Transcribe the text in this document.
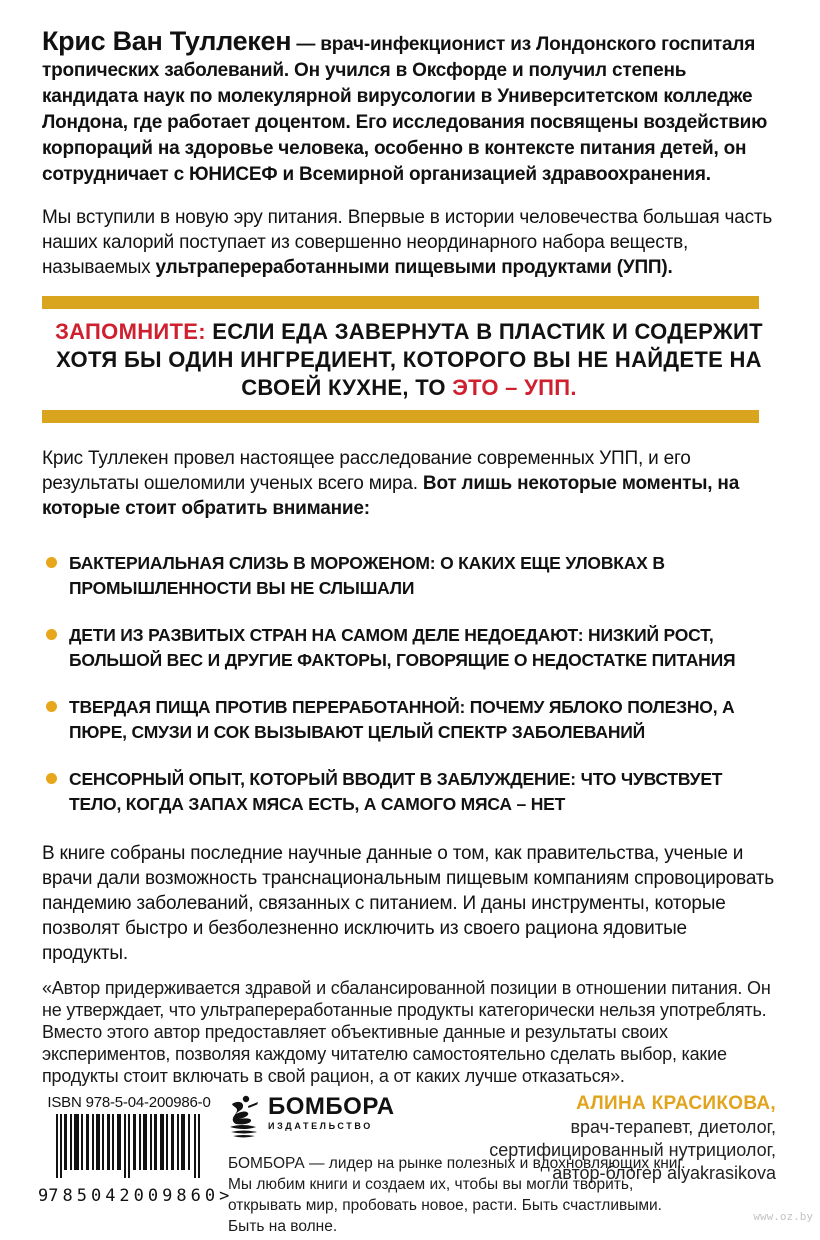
Крис Ван Туллекен — врач-инфекционист из Лондонского госпиталя тропических заболеваний. Он учился в Оксфорде и получил степень кандидата наук по молекулярной вирусологии в Университетском колледже Лондона, где работает доцентом. Его исследования посвящены воздействию корпораций на здоровье человека, особенно в контексте питания детей, он сотрудничает с ЮНИСЕФ и Всемирной организацией здравоохранения.

Мы вступили в новую эру питания. Впервые в истории человечества большая часть наших калорий поступает из совершенно неординарного набора веществ, называемых ультрапереработанными пищевыми продуктами (УПП).

ЗАПОМНИТЕ: ЕСЛИ ЕДА ЗАВЕРНУТА В ПЛАСТИК И СОДЕРЖИТ ХОТЯ БЫ ОДИН ИНГРЕДИЕНТ, КОТОРОГО ВЫ НЕ НАЙДЕТЕ НА СВОЕЙ КУХНЕ, ТО ЭТО – УПП.

Крис Туллекен провел настоящее расследование современных УПП, и его результаты ошеломили ученых всего мира. Вот лишь некоторые моменты, на которые стоит обратить внимание:

БАКТЕРИАЛЬНАЯ СЛИЗЬ В МОРОЖЕНОМ: О КАКИХ ЕЩЕ УЛОВКАХ В ПРОМЫШЛЕННОСТИ ВЫ НЕ СЛЫШАЛИ
ДЕТИ ИЗ РАЗВИТЫХ СТРАН НА САМОМ ДЕЛЕ НЕДОЕДАЮТ: НИЗКИЙ РОСТ, БОЛЬШОЙ ВЕС И ДРУГИЕ ФАКТОРЫ, ГОВОРЯЩИЕ О НЕДОСТАТКЕ ПИТАНИЯ
ТВЕРДАЯ ПИЩА ПРОТИВ ПЕРЕРАБОТАННОЙ: ПОЧЕМУ ЯБЛОКО ПОЛЕЗНО, А ПЮРЕ, СМУЗИ И СОК ВЫЗЫВАЮТ ЦЕЛЫЙ СПЕКТР ЗАБОЛЕВАНИЙ
СЕНСОРНЫЙ ОПЫТ, КОТОРЫЙ ВВОДИТ В ЗАБЛУЖДЕНИЕ: ЧТО ЧУВСТВУЕТ ТЕЛО, КОГДА ЗАПАХ МЯСА ЕСТЬ, А САМОГО МЯСА – НЕТ

В книге собраны последние научные данные о том, как правительства, ученые и врачи дали возможность транснациональным пищевым компаниям спровоцировать пандемию заболеваний, связанных с питанием. И даны инструменты, которые позволят быстро и безболезненно исключить из своего рациона ядовитые продукты.

«Автор придерживается здравой и сбалансированной позиции в отношении питания. Он не утверждает, что ультрапереработанные продукты категорически нельзя употреблять. Вместо этого автор предоставляет объективные данные и результаты своих экспериментов, позволяя каждому читателю самостоятельно сделать выбор, какие продукты стоит включать в свой рацион, а от каких лучше отказаться».

АЛИНА КРАСИКОВА,
врач-терапевт, диетолог,
сертифицированный нутрициолог,
автор-блогер alyakrasikova
ISBN 978-5-04-200986-0
9 785042 009860 >
БОМБОРА
ИЗДАТЕЛЬСТВО

БОМБОРА — лидер на рынке полезных и вдохновляющих книг. Мы любим книги и создаем их, чтобы вы могли творить, открывать мир, пробовать новое, расти. Быть счастливыми. Быть на волне.

www.oz.by
